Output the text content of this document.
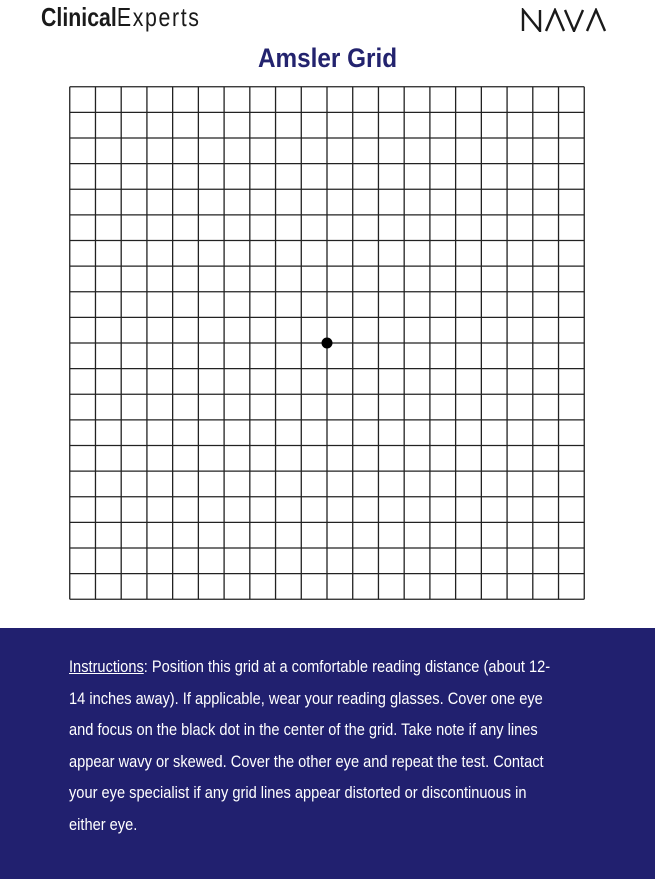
ClinicalExperts
Amsler Grid
Instructions: Position this grid at a comfortable reading distance (about 12-14 inches away). If applicable, wear your reading glasses. Cover one eye and focus on the black dot in the center of the grid. Take note if any lines appear wavy or skewed. Cover the other eye and repeat the test. Contact your eye specialist if any grid lines appear distorted or discontinuous in either eye.
